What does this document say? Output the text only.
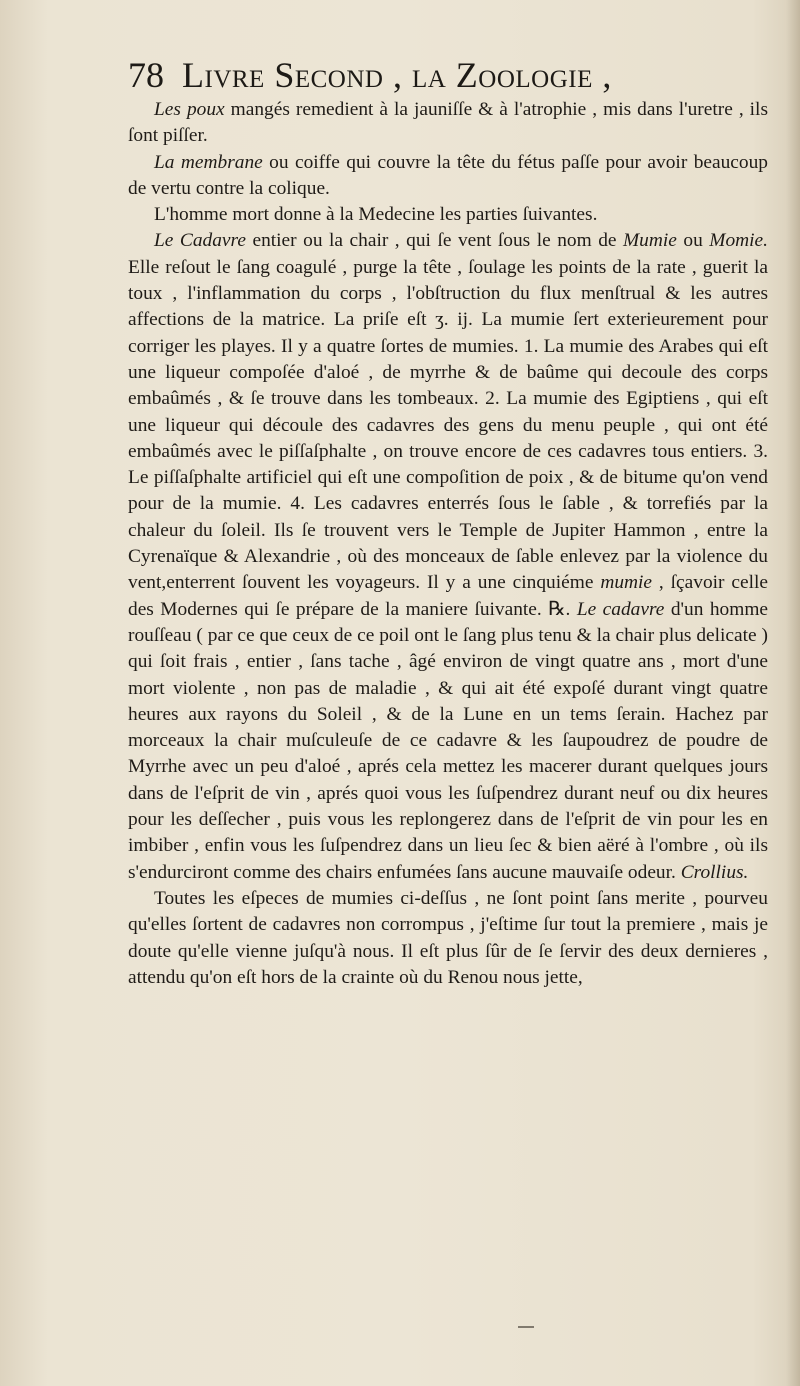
78 Livre Second , la Zoologie ,

Les poux mangés remedient à la jauniſſe & à l'atrophie , mis dans l'uretre , ils ſont piſſer.

La membrane ou coiffe qui couvre la tête du fétus paſſe pour avoir beaucoup de vertu contre la colique.

L'homme mort donne à la Medecine les parties ſuivantes.

Le Cadavre entier ou la chair , qui ſe vent ſous le nom de Mumie ou Momie. Elle reſout le ſang coagulé , purge la tête , ſoulage les points de la rate , guerit la toux , l'inflammation du corps , l'obſtruction du flux menſtrual & les autres affections de la matrice. La priſe eſt ʒ. ij. La mumie ſert exterieurement pour corriger les playes. Il y a quatre ſortes de mumies. 1. La mumie des Arabes qui eſt une liqueur compoſée d'aloé , de myrrhe & de baûme qui decoule des corps embaûmés , & ſe trouve dans les tombeaux. 2. La mumie des Egiptiens , qui eſt une liqueur qui découle des cadavres des gens du menu peuple , qui ont été embaûmés avec le piſſaſphalte , on trouve encore de ces cadavres tous entiers. 3. Le piſſaſphalte artificiel qui eſt une compoſition de poix , & de bitume qu'on vend pour de la mumie. 4. Les cadavres enterrés ſous le ſable , & torrefiés par la chaleur du ſoleil. Ils ſe trouvent vers le Temple de Jupiter Hammon , entre la Cyrenaïque & Alexandrie , où des monceaux de ſable enlevez par la violence du vent,enterrent ſouvent les voyageurs. Il y a une cinquiéme mumie , ſçavoir celle des Modernes qui ſe prépare de la maniere ſuivante. ℞. Le cadavre d'un homme rouſſeau ( par ce que ceux de ce poil ont le ſang plus tenu & la chair plus delicate ) qui ſoit frais , entier , ſans tache , âgé environ de vingt quatre ans , mort d'une mort violente , non pas de maladie , & qui ait été expoſé durant vingt quatre heures aux rayons du Soleil , & de la Lune en un tems ſerain. Hachez par morceaux la chair muſculeuſe de ce cadavre & les ſaupoudrez de poudre de Myrrhe avec un peu d'aloé , aprés cela mettez les macerer durant quelques jours dans de l'eſprit de vin , aprés quoi vous les ſuſpendrez durant neuf ou dix heures pour les deſſecher , puis vous les replongerez dans de l'eſprit de vin pour les en imbiber , enfin vous les ſuſpendrez dans un lieu ſec & bien aëré à l'ombre , où ils s'endurciront comme des chairs enfumées ſans aucune mauvaiſe odeur. Crollius.

Toutes les eſpeces de mumies ci-deſſus , ne ſont point ſans merite , pourveu qu'elles ſortent de cadavres non corrompus , j'eſtime ſur tout la premiere , mais je doute qu'elle vienne juſqu'à nous. Il eſt plus ſûr de ſe ſervir des deux dernieres , attendu qu'on eſt hors de la crainte où du Renou nous jette,
